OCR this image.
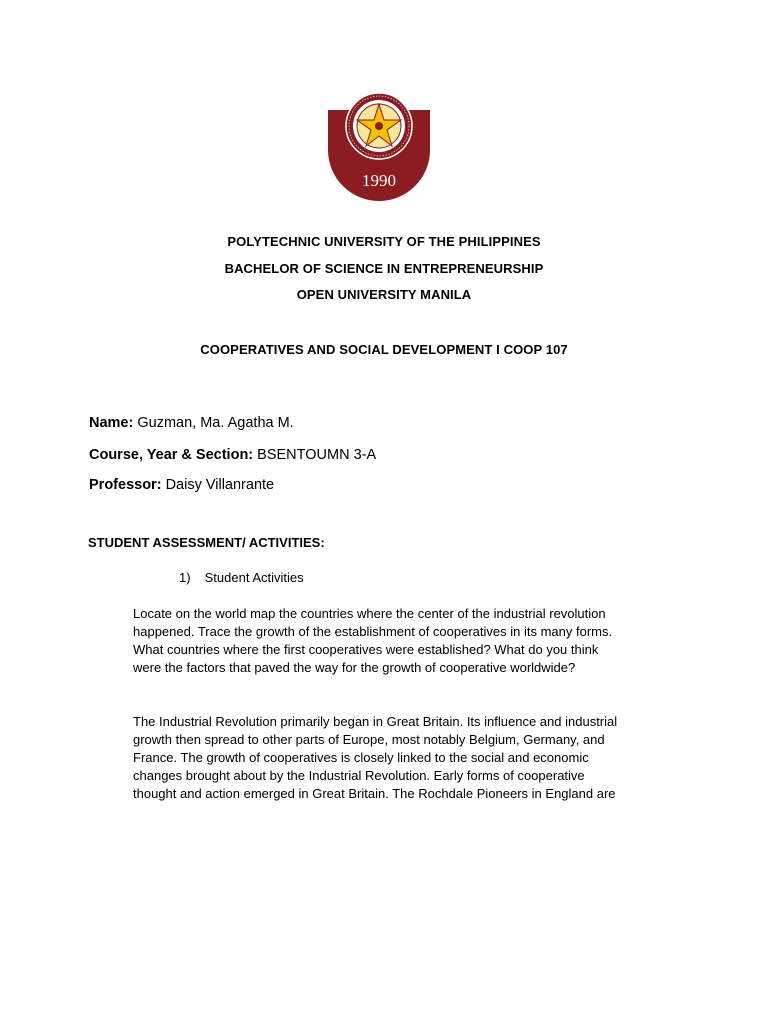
1990
POLYTECHNIC UNIVERSITY OF THE PHILIPPINES
BACHELOR OF SCIENCE IN ENTREPRENEURSHIP
OPEN UNIVERSITY MANILA
COOPERATIVES AND SOCIAL DEVELOPMENT I COOP 107
Name: Guzman, Ma. Agatha M.
Course, Year & Section: BSENTOUMN 3-A
Professor: Daisy Villanrante
STUDENT ASSESSMENT/ ACTIVITIES:
1) Student Activities
Locate on the world map the countries where the center of the industrial revolution
happened. Trace the growth of the establishment of cooperatives in its many forms.
What countries where the first cooperatives were established? What do you think
were the factors that paved the way for the growth of cooperative worldwide?
The Industrial Revolution primarily began in Great Britain. Its influence and industrial
growth then spread to other parts of Europe, most notably Belgium, Germany, and
France. The growth of cooperatives is closely linked to the social and economic
changes brought about by the Industrial Revolution. Early forms of cooperative
thought and action emerged in Great Britain. The Rochdale Pioneers in England are
